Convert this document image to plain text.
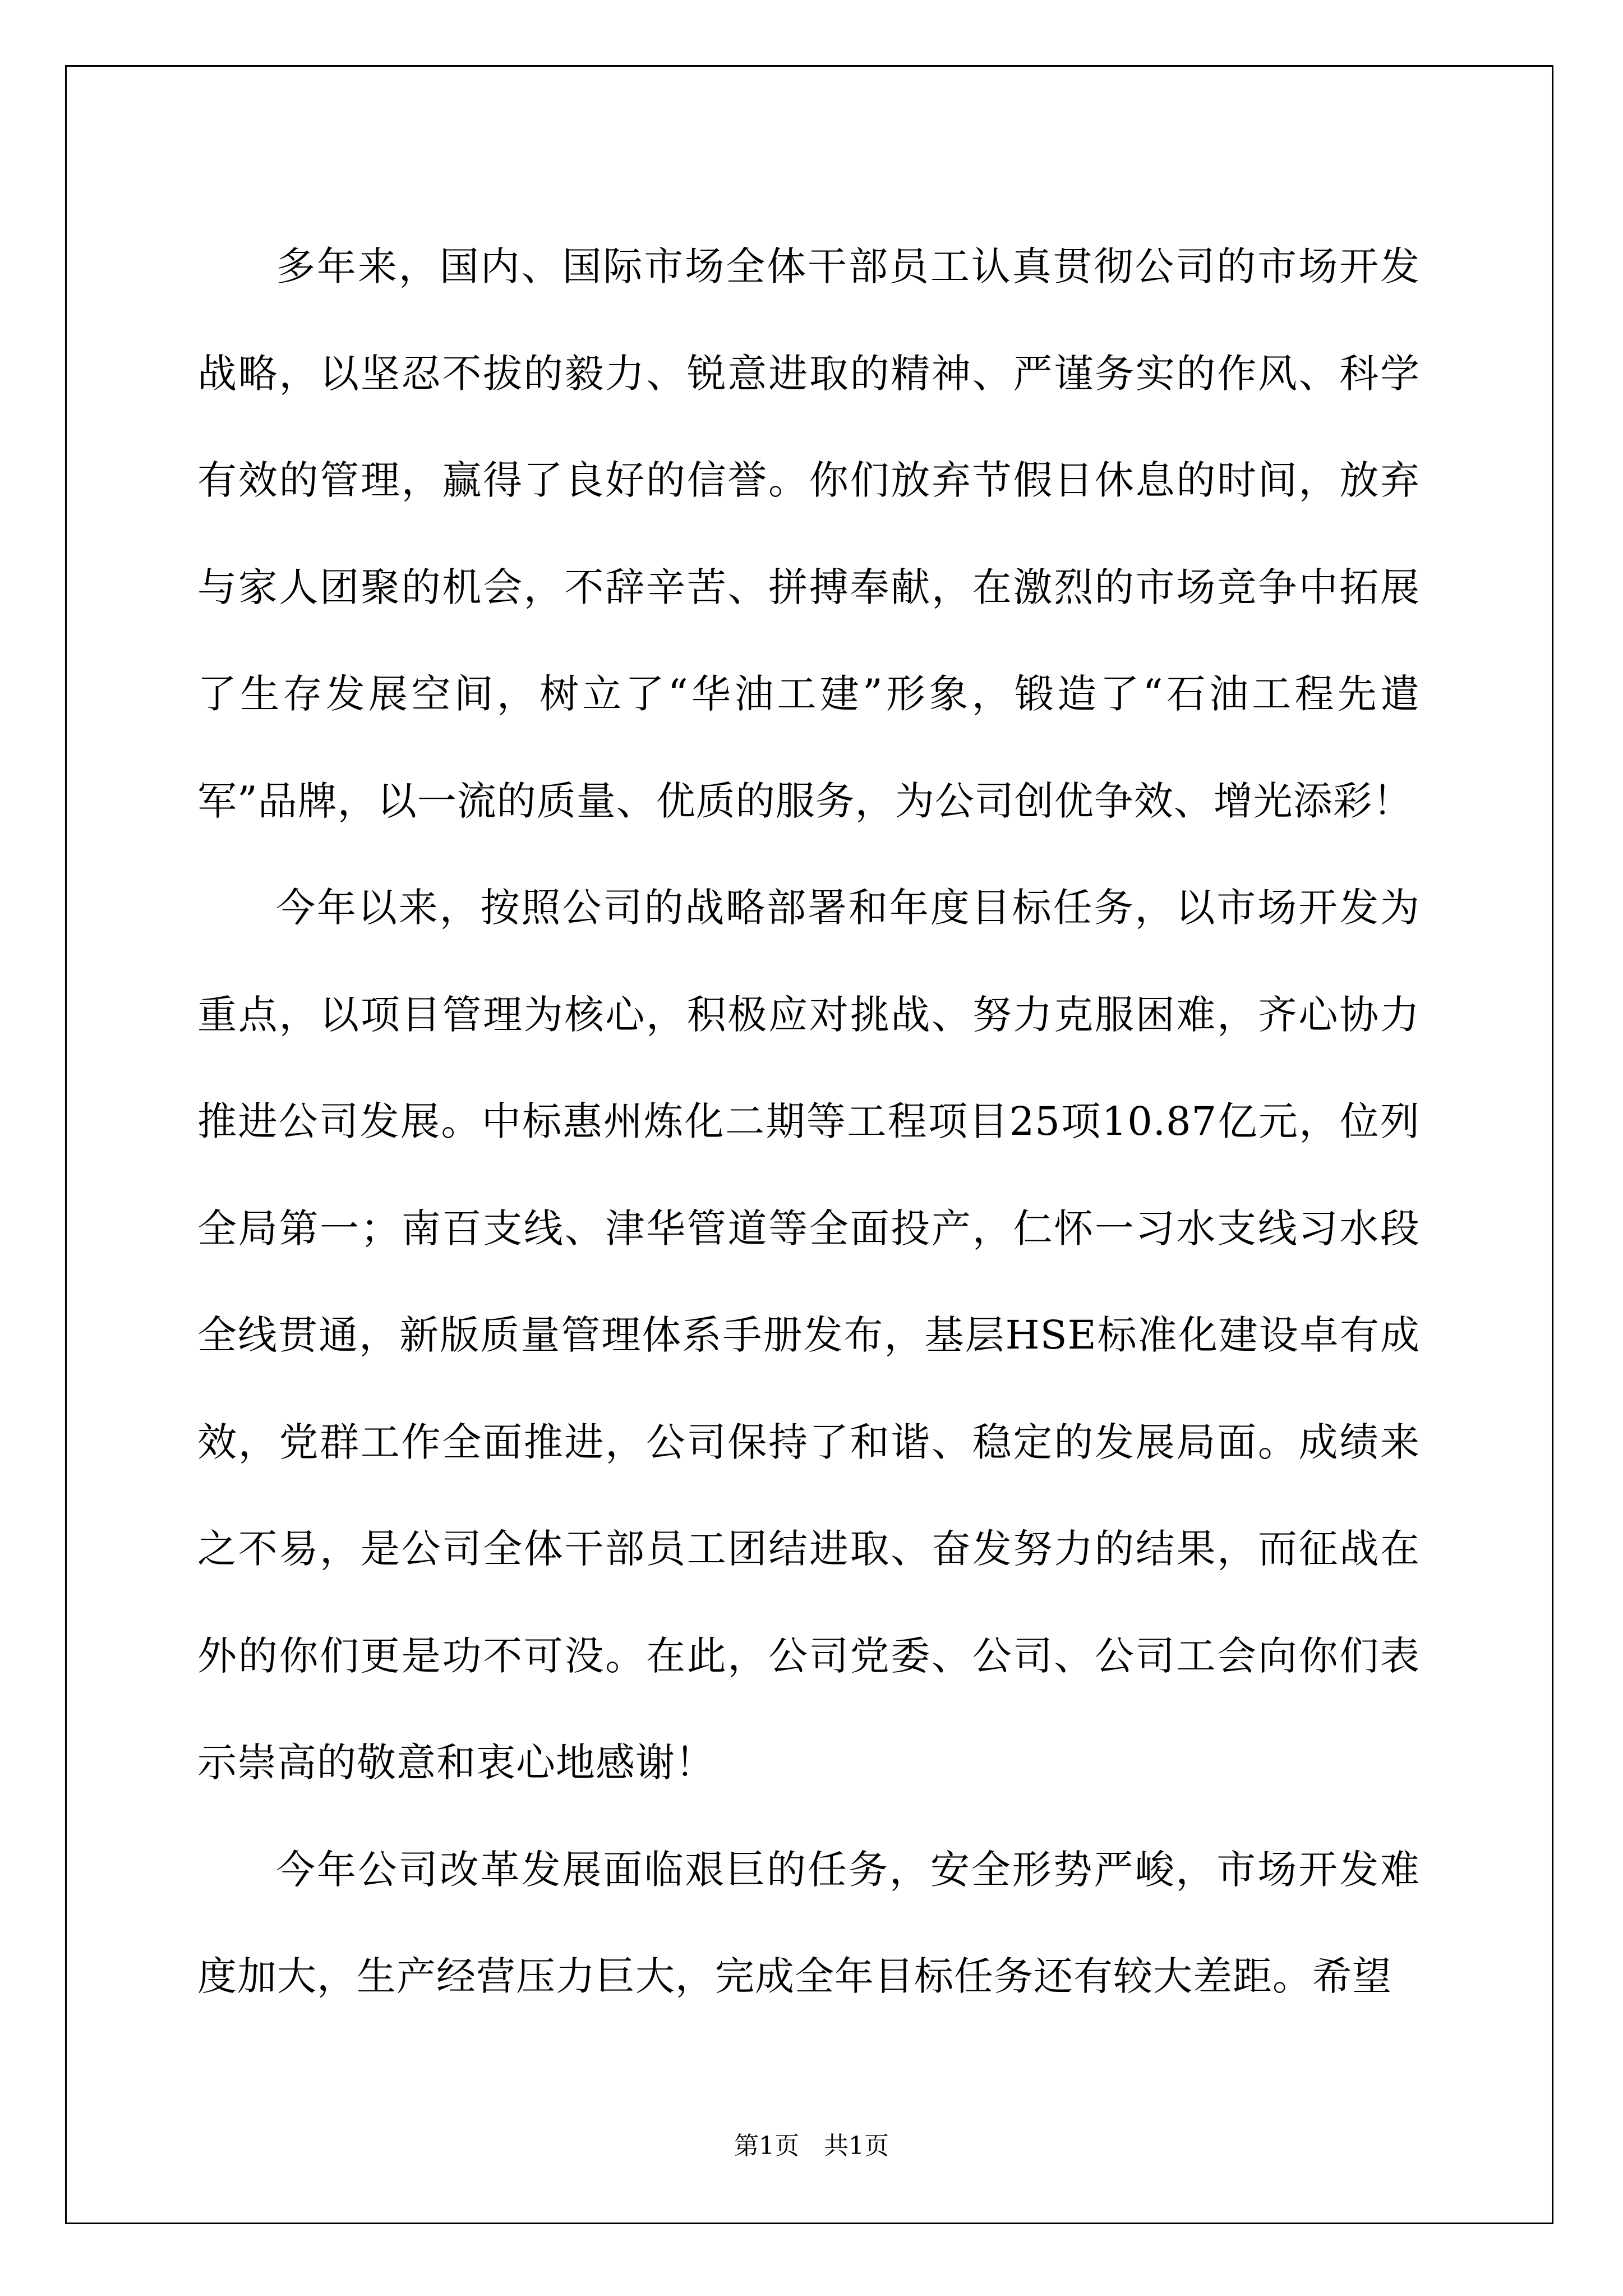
多年来，国内、国际市场全体干部员工认真贯彻公司的市场开发战略，以坚忍不拔的毅力、锐意进取的精神、严谨务实的作风、科学有效的管理，赢得了良好的信誉。你们放弃节假日休息的时间，放弃与家人团聚的机会，不辞辛苦、拼搏奉献，在激烈的市场竞争中拓展了生存发展空间，树立了“华油工建”形象，锻造了“石油工程先遣军”品牌，以一流的质量、优质的服务，为公司创优争效、增光添彩！

今年以来，按照公司的战略部署和年度目标任务，以市场开发为重点，以项目管理为核心，积极应对挑战、努力克服困难，齐心协力推进公司发展。中标惠州炼化二期等工程项目25项10.87亿元，位列全局第一；南百支线、津华管道等全面投产，仁怀一习水支线习水段全线贯通，新版质量管理体系手册发布，基层HSE标准化建设卓有成效，党群工作全面推进，公司保持了和谐、稳定的发展局面。成绩来之不易，是公司全体干部员工团结进取、奋发努力的结果，而征战在外的你们更是功不可没。在此，公司党委、公司、公司工会向你们表示崇高的敬意和衷心地感谢！

今年公司改革发展面临艰巨的任务，安全形势严峻，市场开发难度加大，生产经营压力巨大，完成全年目标任务还有较大差距。希望

第1页　共1页
